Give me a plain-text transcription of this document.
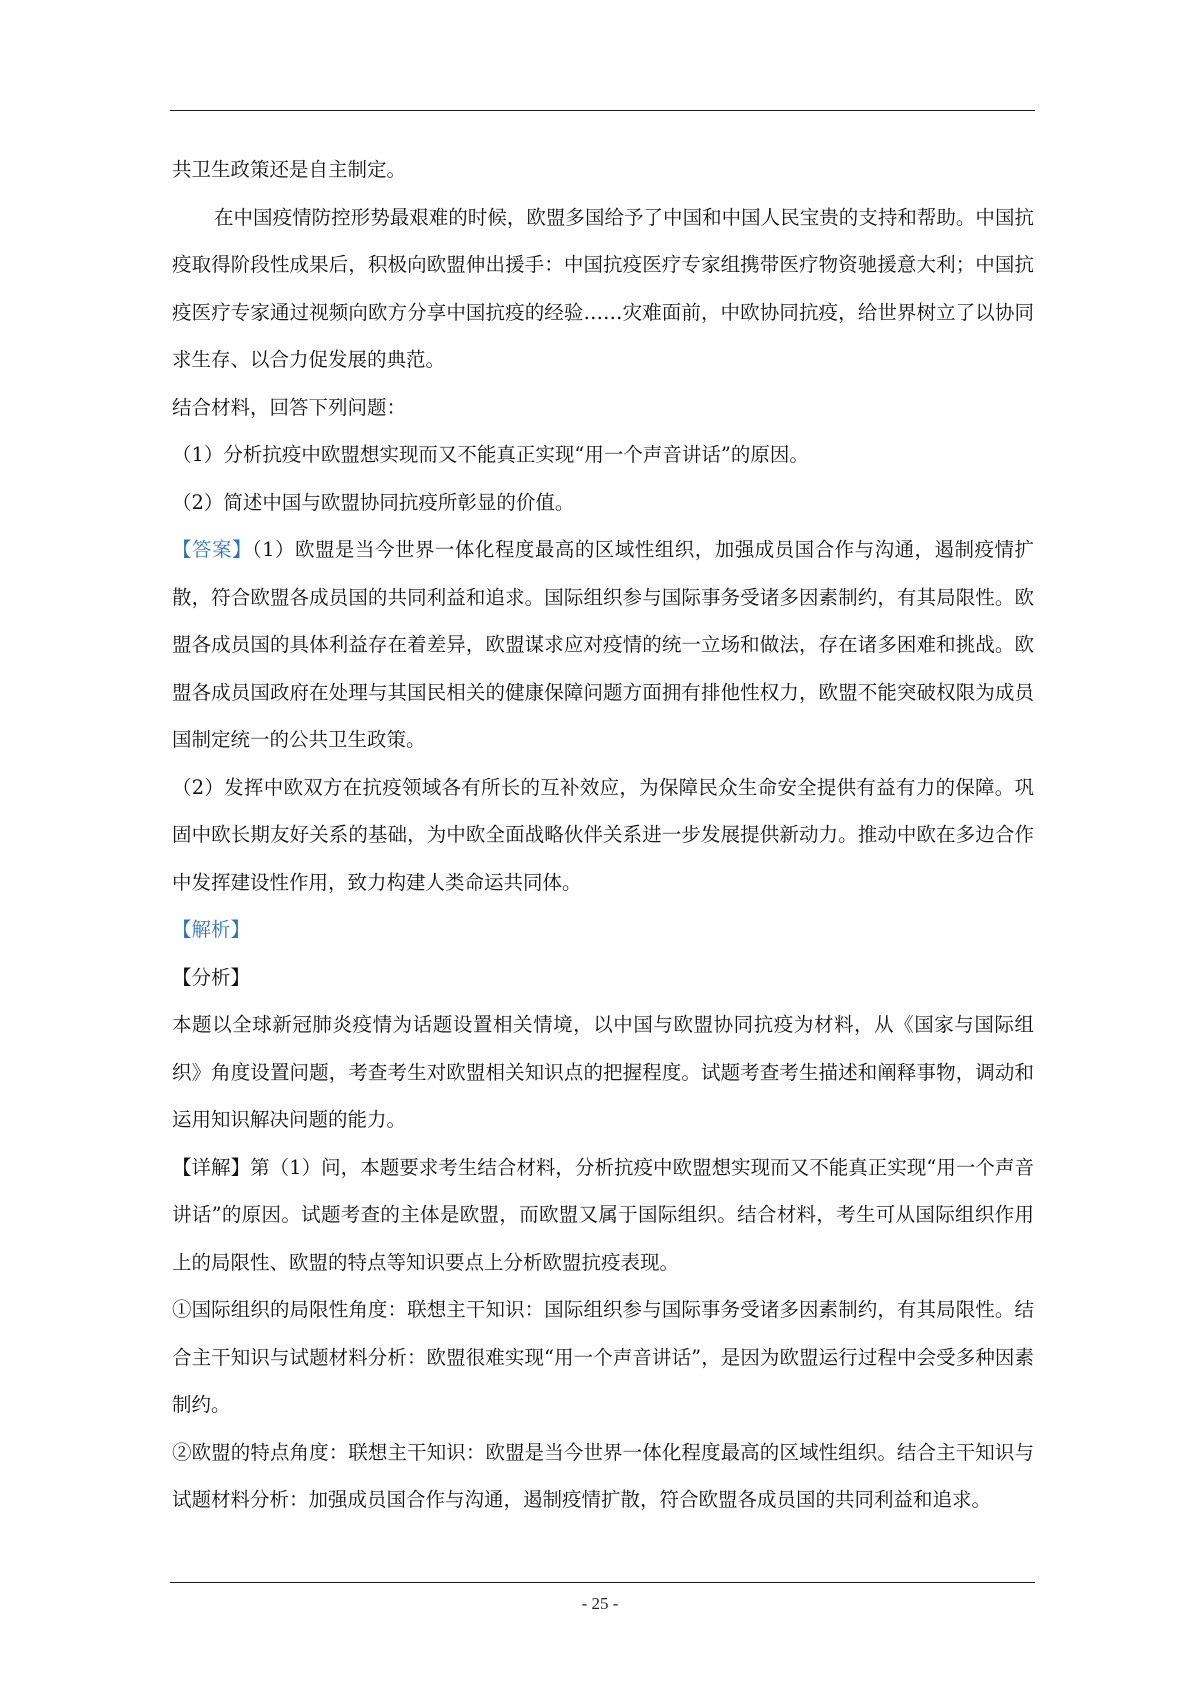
共卫生政策还是自主制定。

在中国疫情防控形势最艰难的时候，欧盟多国给予了中国和中国人民宝贵的支持和帮助。中国抗疫取得阶段性成果后，积极向欧盟伸出援手：中国抗疫医疗专家组携带医疗物资驰援意大利；中国抗疫医疗专家通过视频向欧方分享中国抗疫的经验……灾难面前，中欧协同抗疫，给世界树立了以协同求生存、以合力促发展的典范。

结合材料，回答下列问题：

（1）分析抗疫中欧盟想实现而又不能真正实现“用一个声音讲话”的原因。

（2）简述中国与欧盟协同抗疫所彰显的价值。

【答案】（1）欧盟是当今世界一体化程度最高的区域性组织，加强成员国合作与沟通，遏制疫情扩散，符合欧盟各成员国的共同利益和追求。国际组织参与国际事务受诸多因素制约，有其局限性。欧盟各成员国的具体利益存在着差异，欧盟谋求应对疫情的统一立场和做法，存在诸多困难和挑战。欧盟各成员国政府在处理与其国民相关的健康保障问题方面拥有排他性权力，欧盟不能突破权限为成员国制定统一的公共卫生政策。

（2）发挥中欧双方在抗疫领域各有所长的互补效应，为保障民众生命安全提供有益有力的保障。巩固中欧长期友好关系的基础，为中欧全面战略伙伴关系进一步发展提供新动力。推动中欧在多边合作中发挥建设性作用，致力构建人类命运共同体。

【解析】

【分析】

本题以全球新冠肺炎疫情为话题设置相关情境，以中国与欧盟协同抗疫为材料，从《国家与国际组织》角度设置问题，考查考生对欧盟相关知识点的把握程度。试题考查考生描述和阐释事物，调动和运用知识解决问题的能力。

【详解】第（1）问，本题要求考生结合材料，分析抗疫中欧盟想实现而又不能真正实现“用一个声音讲话”的原因。试题考查的主体是欧盟，而欧盟又属于国际组织。结合材料，考生可从国际组织作用上的局限性、欧盟的特点等知识要点上分析欧盟抗疫表现。

①国际组织的局限性角度：联想主干知识：国际组织参与国际事务受诸多因素制约，有其局限性。结合主干知识与试题材料分析：欧盟很难实现“用一个声音讲话”，是因为欧盟运行过程中会受多种因素制约。

②欧盟的特点角度：联想主干知识：欧盟是当今世界一体化程度最高的区域性组织。结合主干知识与试题材料分析：加强成员国合作与沟通，遏制疫情扩散，符合欧盟各成员国的共同利益和追求。

- 25 -
